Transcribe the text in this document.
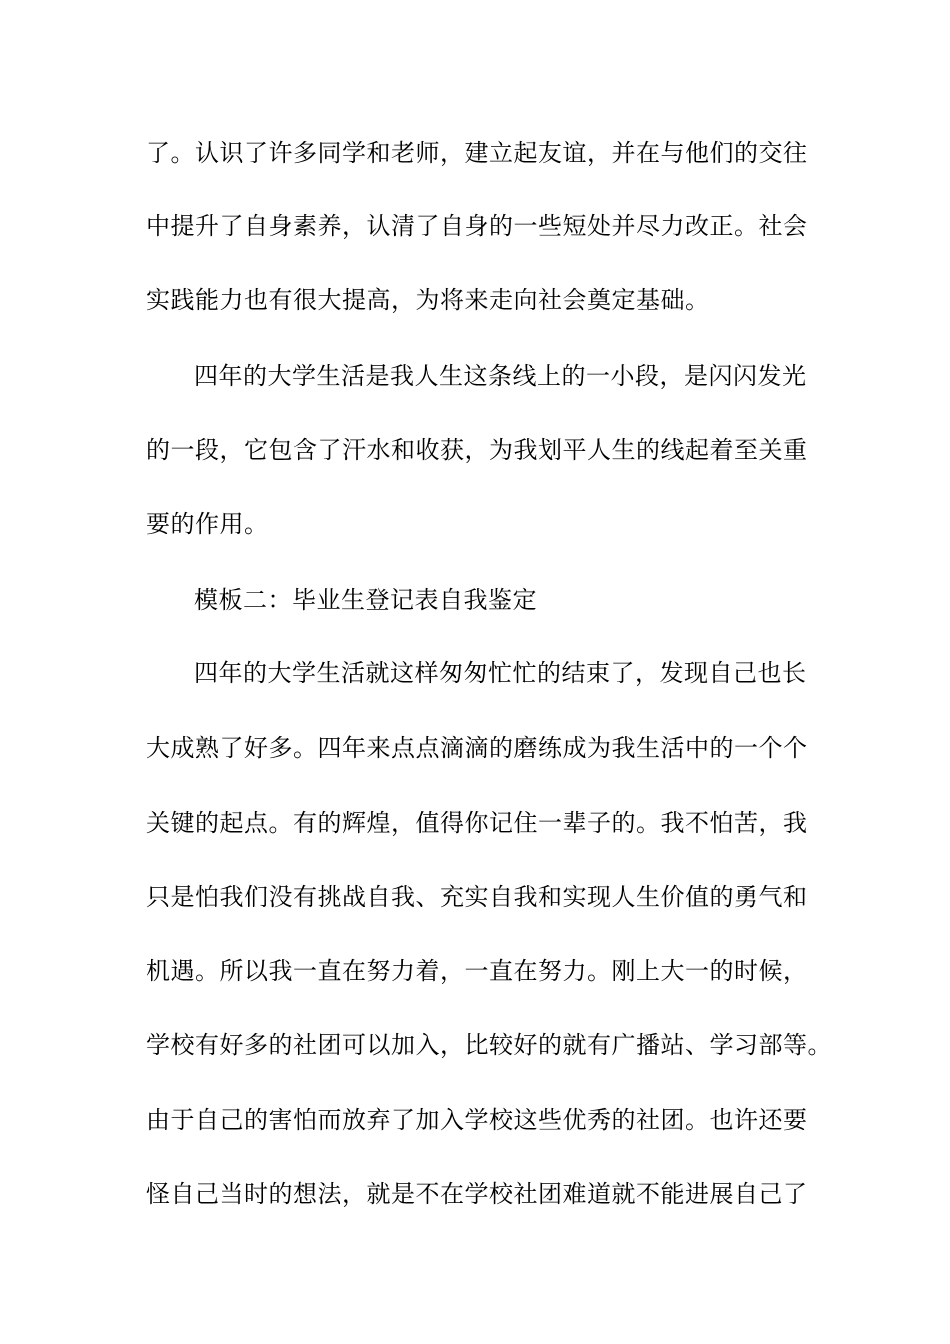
了。认识了许多同学和老师，建立起友谊，并在与他们的交往
中提升了自身素养，认清了自身的一些短处并尽力改正。社会
实践能力也有很大提高，为将来走向社会奠定基础。
四年的大学生活是我人生这条线上的一小段，是闪闪发光
的一段，它包含了汗水和收获，为我划平人生的线起着至关重
要的作用。
模板二：毕业生登记表自我鉴定
四年的大学生活就这样匆匆忙忙的结束了，发现自己也长
大成熟了好多。四年来点点滴滴的磨练成为我生活中的一个个
关键的起点。有的辉煌，值得你记住一辈子的。我不怕苦，我
只是怕我们没有挑战自我、充实自我和实现人生价值的勇气和
机遇。所以我一直在努力着，一直在努力。刚上大一的时候，
学校有好多的社团可以加入，比较好的就有广播站、学习部等。
由于自己的害怕而放弃了加入学校这些优秀的社团。也许还要
怪自己当时的想法，就是不在学校社团难道就不能进展自己了
